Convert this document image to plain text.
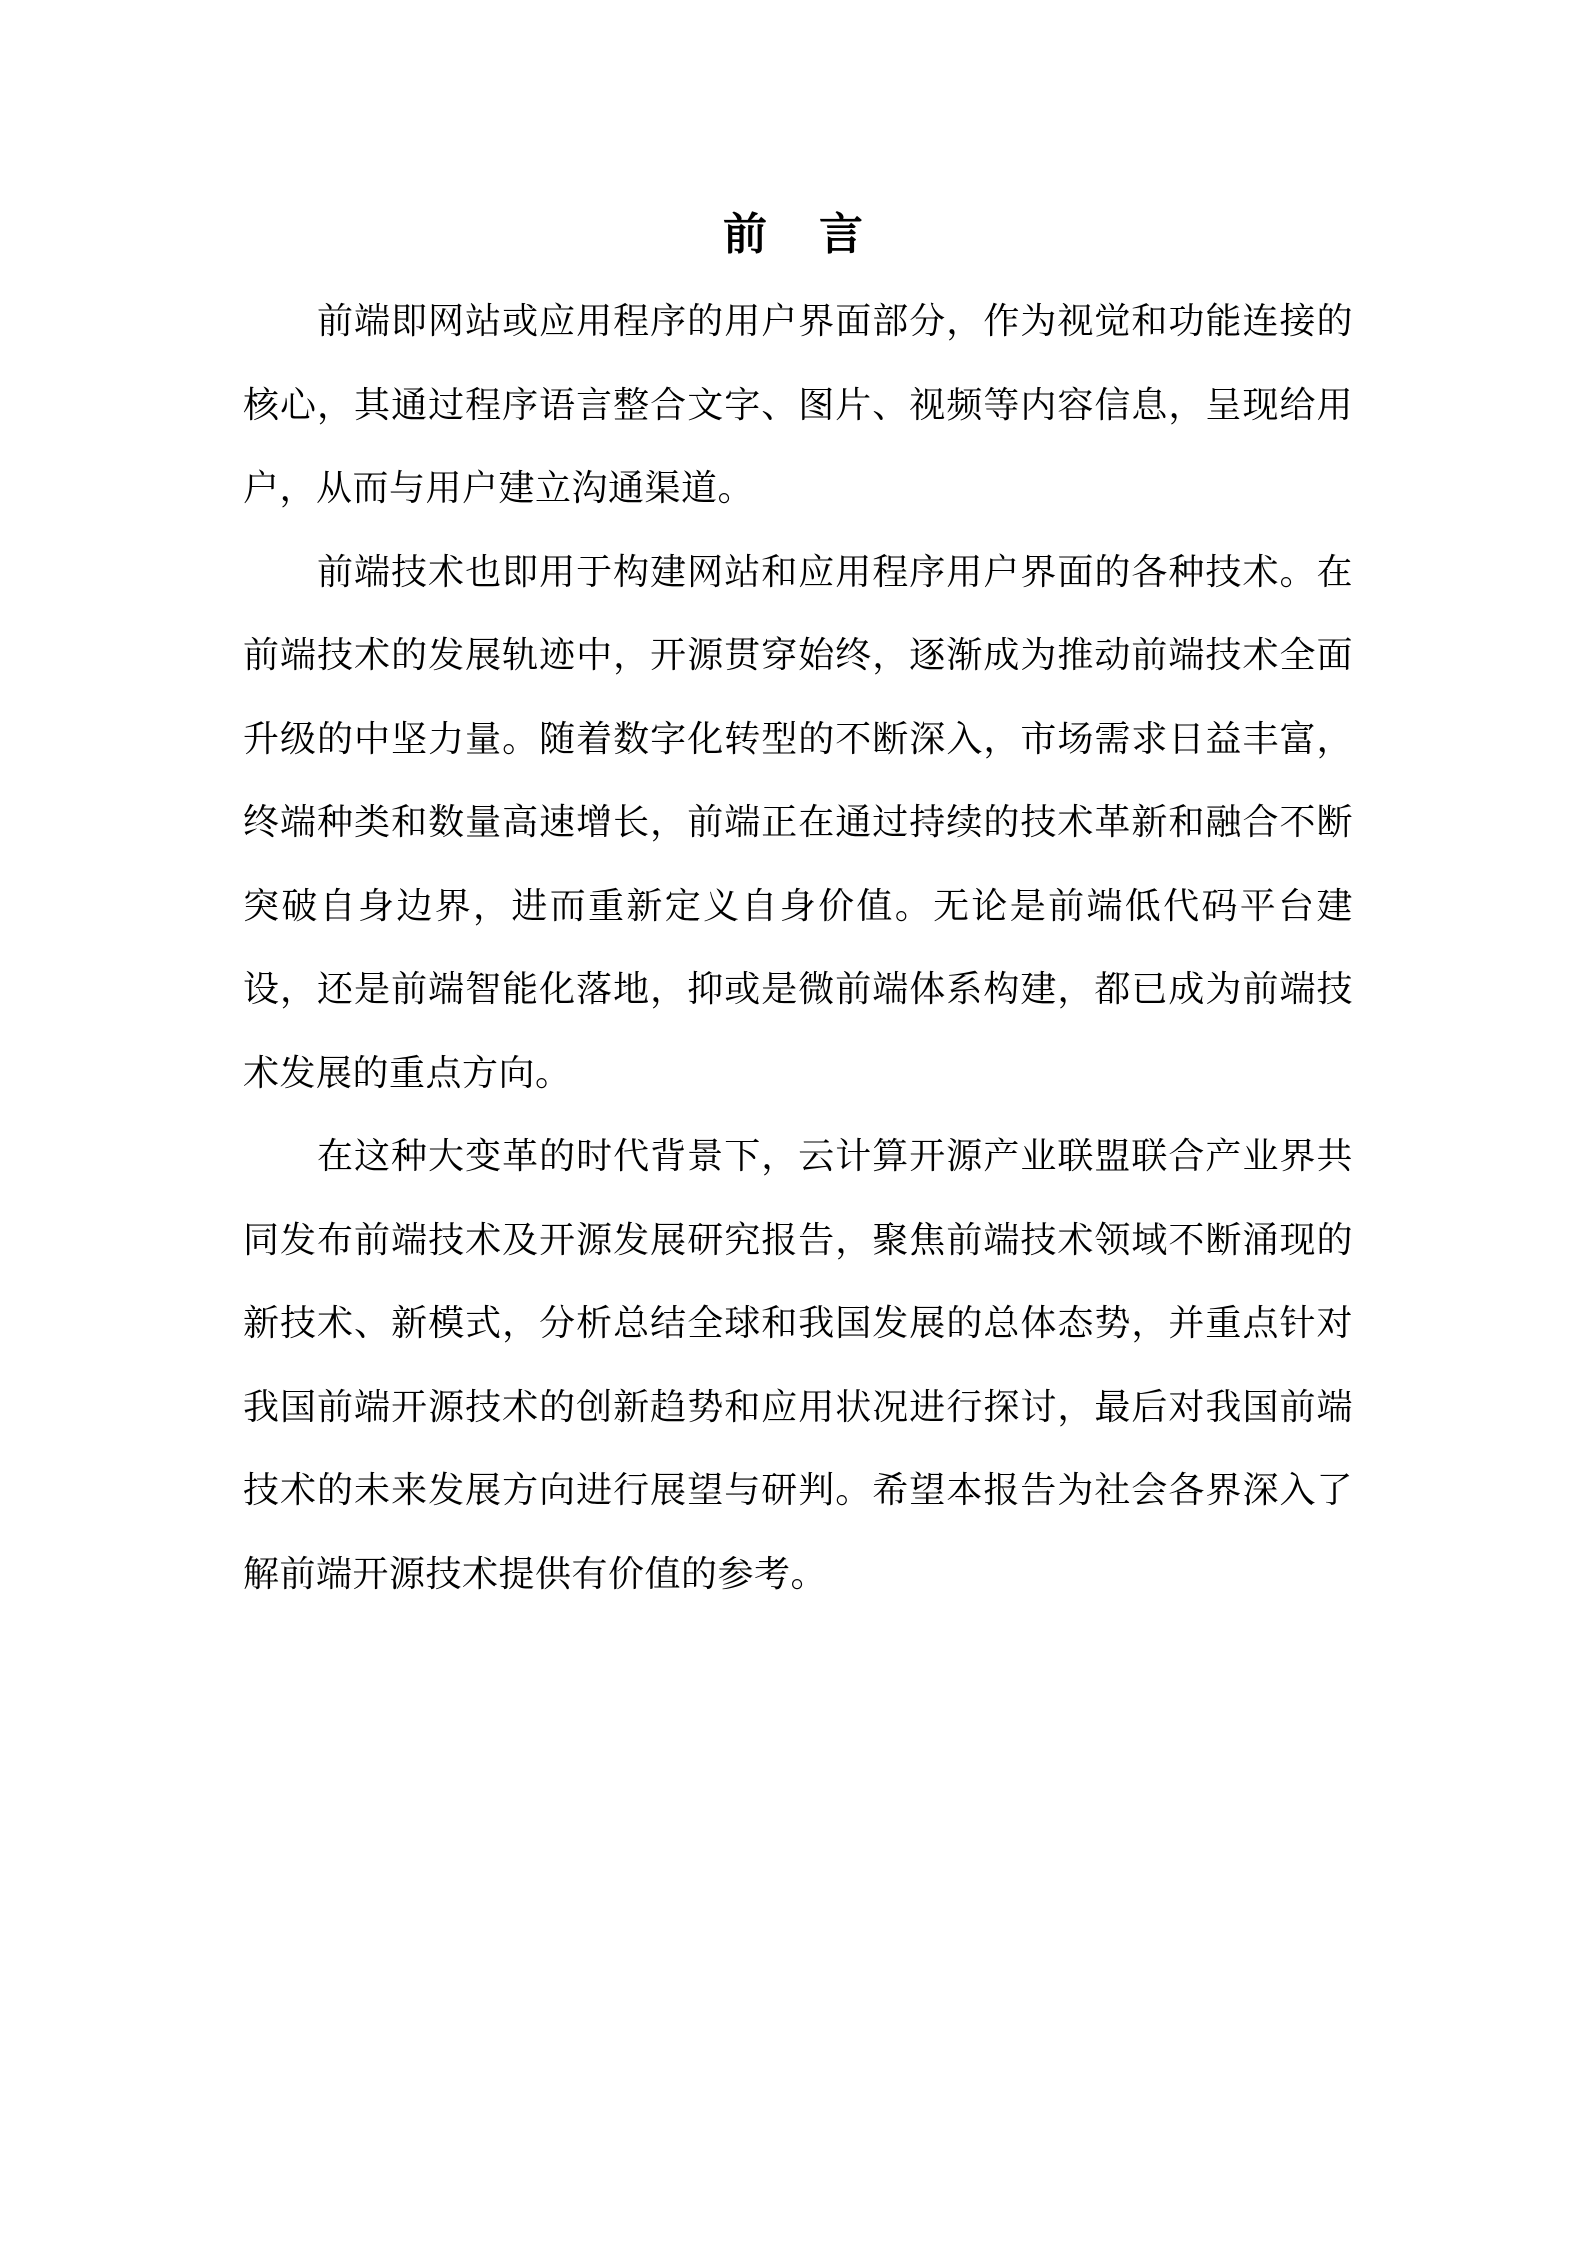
前言

前端即网站或应用程序的用户界面部分，作为视觉和功能连接的核心，其通过程序语言整合文字、图片、视频等内容信息，呈现给用户，从而与用户建立沟通渠道。

前端技术也即用于构建网站和应用程序用户界面的各种技术。在前端技术的发展轨迹中，开源贯穿始终，逐渐成为推动前端技术全面升级的中坚力量。随着数字化转型的不断深入，市场需求日益丰富，终端种类和数量高速增长，前端正在通过持续的技术革新和融合不断突破自身边界，进而重新定义自身价值。无论是前端低代码平台建设，还是前端智能化落地，抑或是微前端体系构建，都已成为前端技术发展的重点方向。

在这种大变革的时代背景下，云计算开源产业联盟联合产业界共同发布前端技术及开源发展研究报告，聚焦前端技术领域不断涌现的新技术、新模式，分析总结全球和我国发展的总体态势，并重点针对我国前端开源技术的创新趋势和应用状况进行探讨，最后对我国前端技术的未来发展方向进行展望与研判。希望本报告为社会各界深入了解前端开源技术提供有价值的参考。
